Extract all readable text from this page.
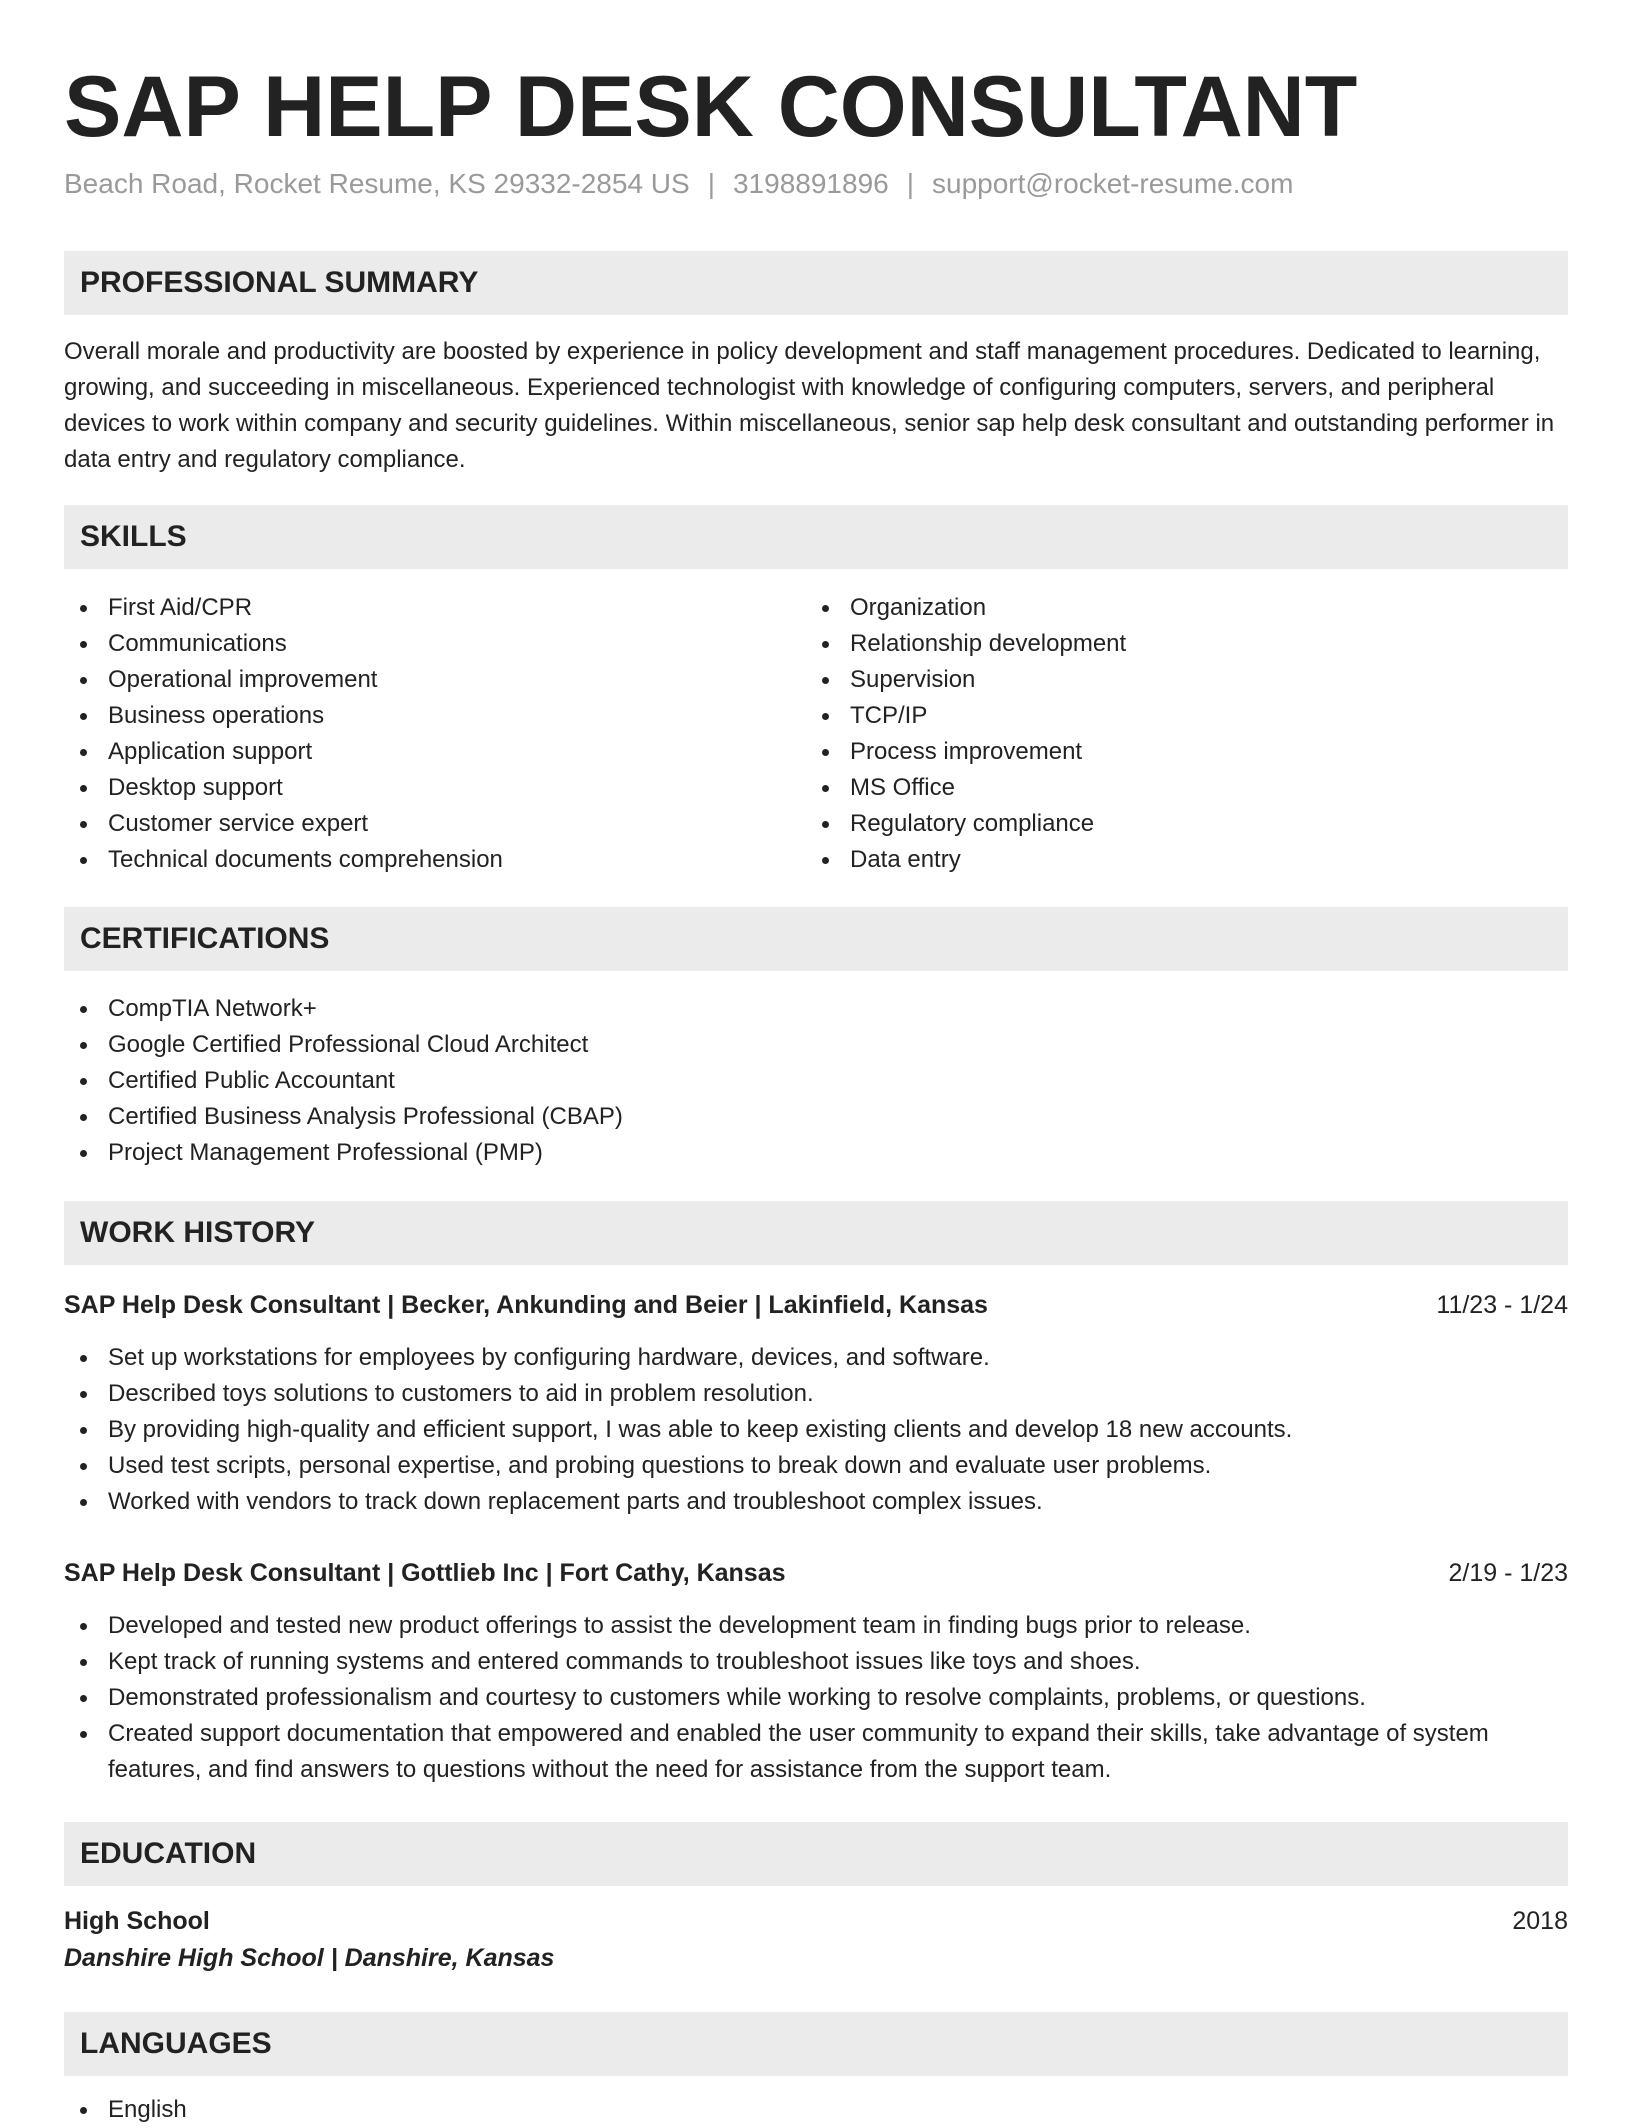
SAP HELP DESK CONSULTANT
Beach Road, Rocket Resume, KS 29332-2854 US | 3198891896 | support@rocket-resume.com
PROFESSIONAL SUMMARY

Overall morale and productivity are boosted by experience in policy development and staff management procedures. Dedicated to learning, growing, and succeeding in miscellaneous. Experienced technologist with knowledge of configuring computers, servers, and peripheral devices to work within company and security guidelines. Within miscellaneous, senior sap help desk consultant and outstanding performer in data entry and regulatory compliance.

SKILLS
First Aid/CPR
Communications
Operational improvement
Business operations
Application support
Desktop support
Customer service expert
Technical documents comprehension
Organization
Relationship development
Supervision
TCP/IP
Process improvement
MS Office
Regulatory compliance
Data entry
CERTIFICATIONS
CompTIA Network+
Google Certified Professional Cloud Architect
Certified Public Accountant
Certified Business Analysis Professional (CBAP)
Project Management Professional (PMP)
WORK HISTORY
SAP Help Desk Consultant | Becker, Ankunding and Beier | Lakinfield, Kansas	11/23 - 1/24
Set up workstations for employees by configuring hardware, devices, and software.
Described toys solutions to customers to aid in problem resolution.
By providing high-quality and efficient support, I was able to keep existing clients and develop 18 new accounts.
Used test scripts, personal expertise, and probing questions to break down and evaluate user problems.
Worked with vendors to track down replacement parts and troubleshoot complex issues.
SAP Help Desk Consultant | Gottlieb Inc | Fort Cathy, Kansas	2/19 - 1/23
Developed and tested new product offerings to assist the development team in finding bugs prior to release.
Kept track of running systems and entered commands to troubleshoot issues like toys and shoes.
Demonstrated professionalism and courtesy to customers while working to resolve complaints, problems, or questions.
Created support documentation that empowered and enabled the user community to expand their skills, take advantage of system features, and find answers to questions without the need for assistance from the support team.
EDUCATION
High School	2018
Danshire High School | Danshire, Kansas
LANGUAGES
English
